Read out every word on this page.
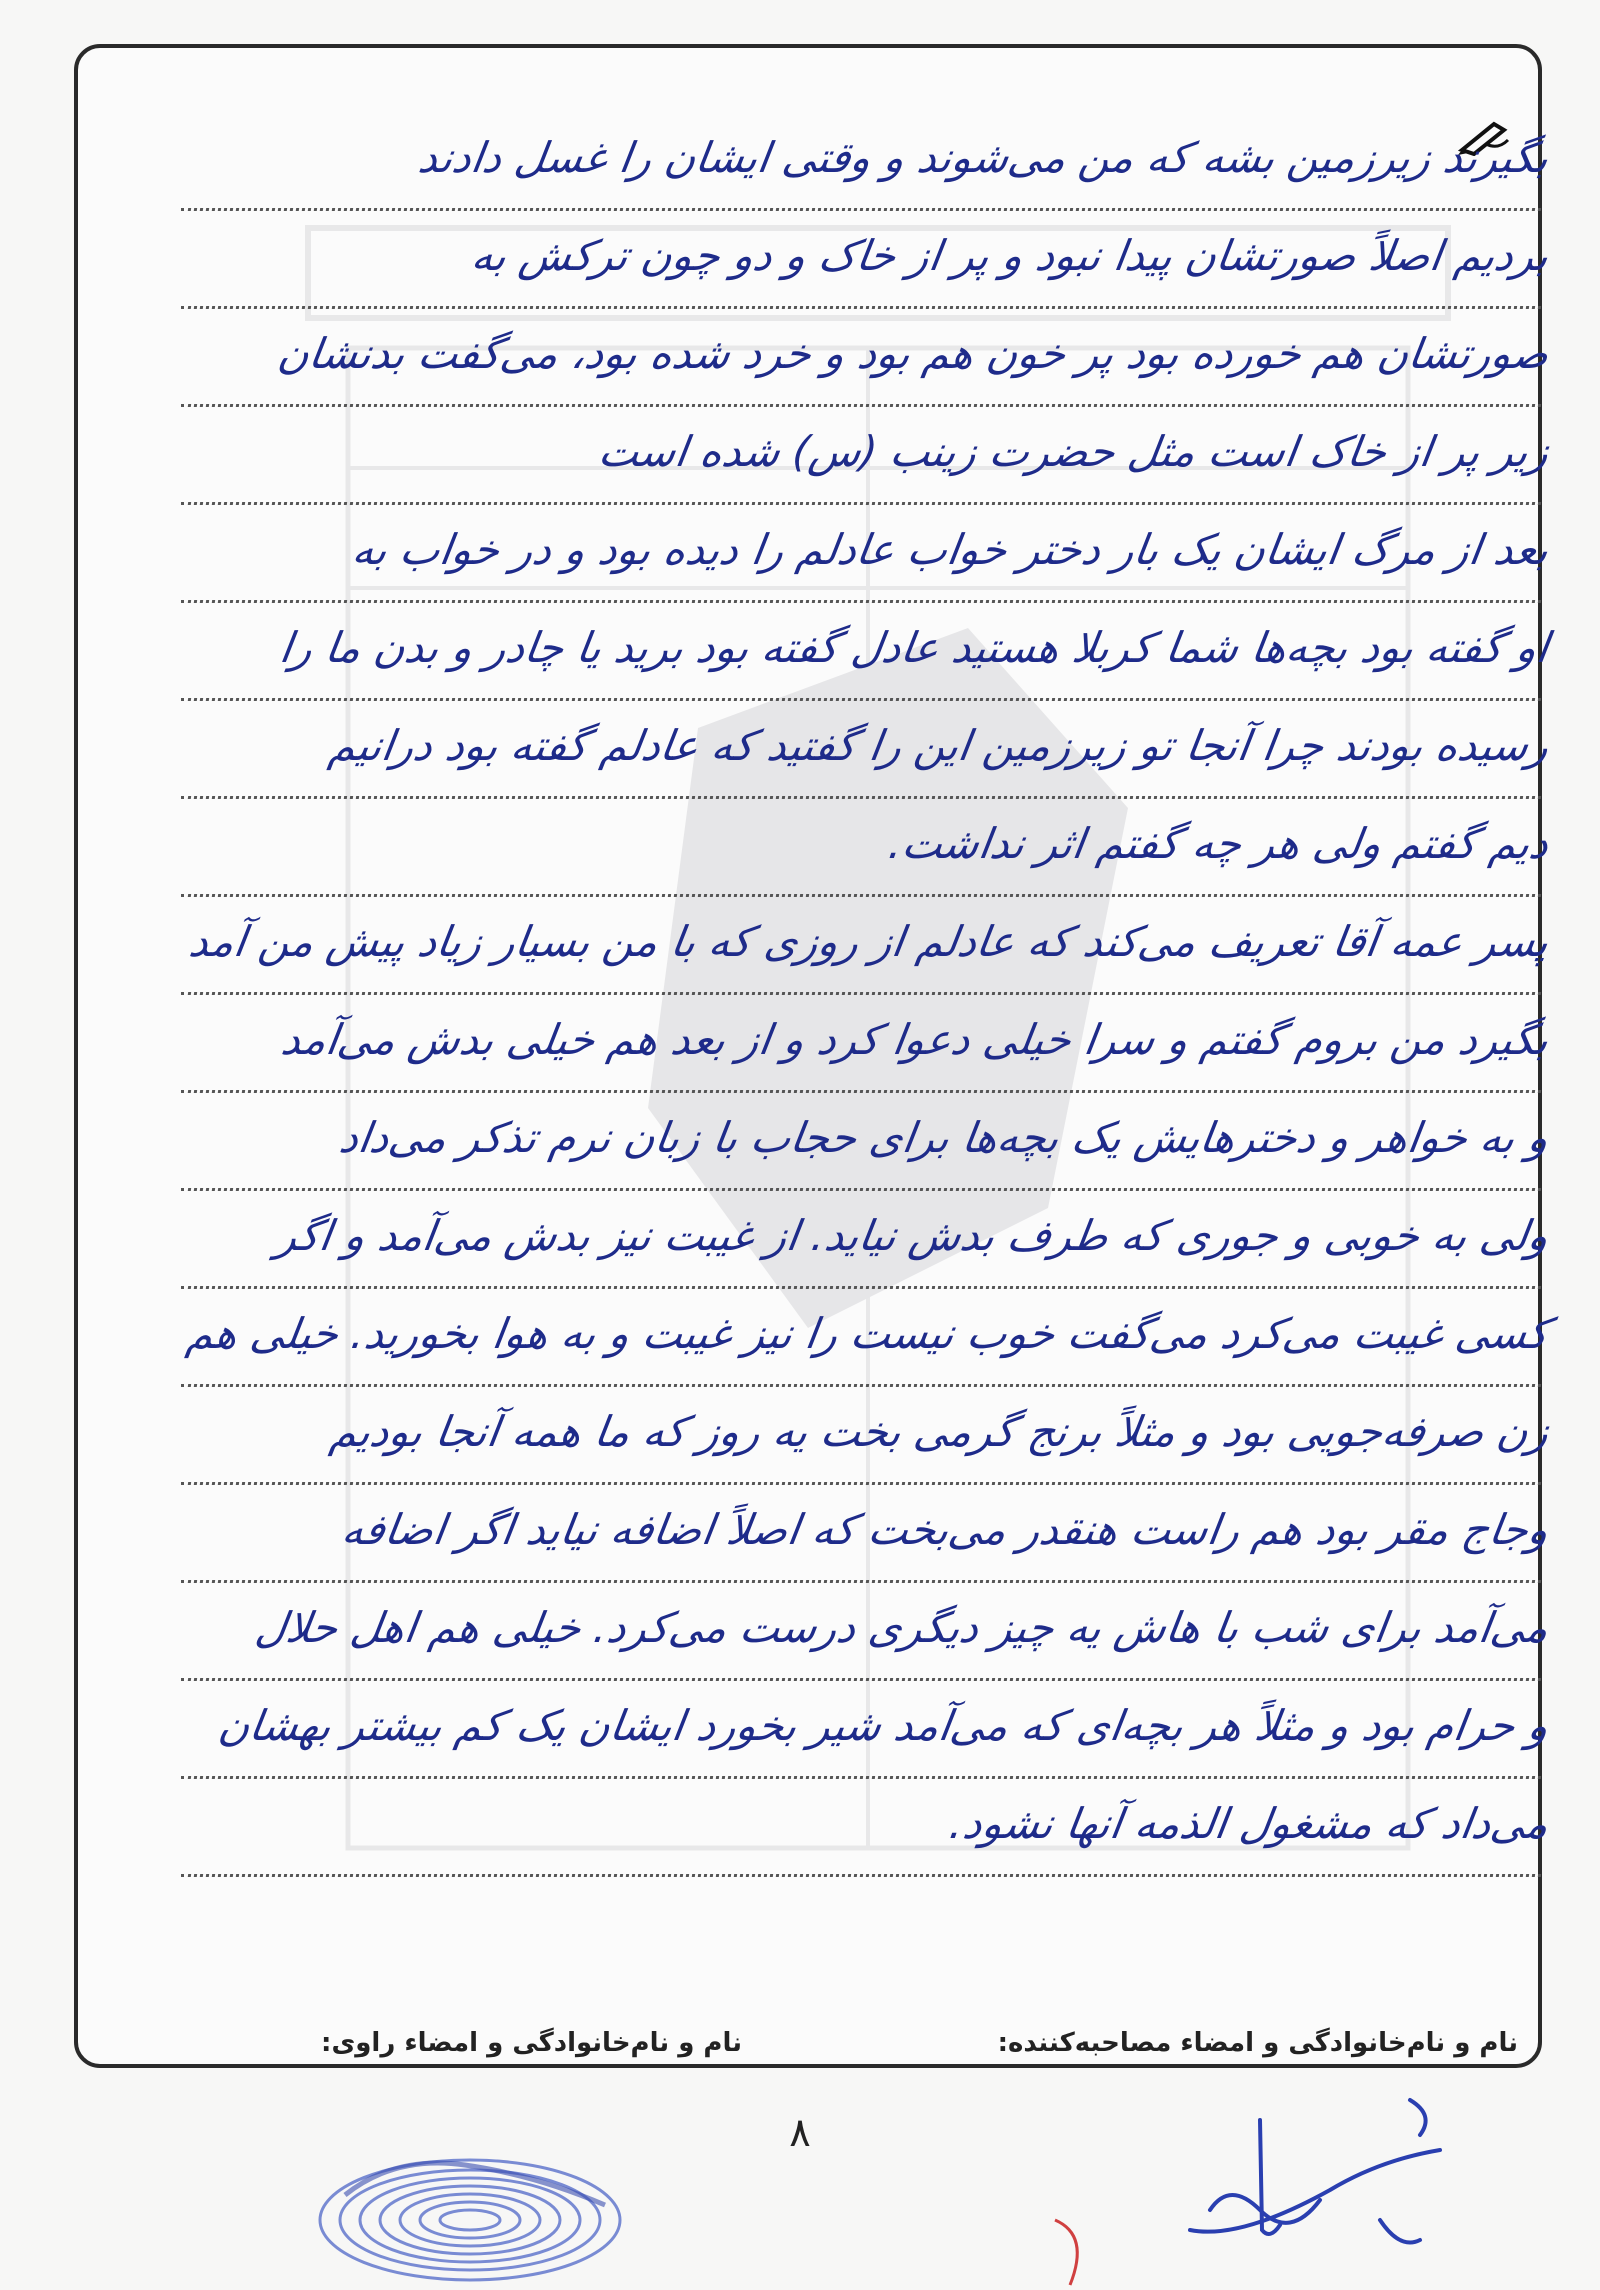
بگیرند زیرزمین بشه که من می‌شوند و وقتی ایشان را غسل دادند
بردیم اصلاً صورتشان پیدا نبود و پر از خاک و دو چون ترکش به
صورتشان هم خورده بود پر خون هم بود و خرد شده بود، می‌گفت بدنشان
زیر پر از خاک است مثل حضرت زینب (س) شده است
بعد از مرگ ایشان یک بار دختر خواب عادلم را دیده بود و در خواب به
او گفته بود بچه‌ها شما کربلا هستید عادل گفته بود برید یا چادر و بدن ما را
رسیده بودند چرا آنجا تو زیرزمین این را گفتید که عادلم گفته بود درانیم
دیم گفتم ولی هر چه گفتم اثر نداشت.
پسر عمه آقا تعریف می‌کند که عادلم از روزی که با من بسیار زیاد پیش من آمد
بگیرد من بروم گفتم و سرا خیلی دعوا کرد و از بعد هم خیلی بدش می‌آمد
و به خواهر و دخترهایش یک بچه‌ها برای حجاب با زبان نرم تذکر می‌داد
ولی به خوبی و جوری که طرف بدش نیاید. از غیبت نیز بدش می‌آمد و اگر
کسی غیبت می‌کرد می‌گفت خوب نیست را نیز غیبت و به هوا بخورید. خیلی هم
زن صرفه‌جویی بود و مثلاً برنج گرمی بخت یه روز که ما همه آنجا بودیم
وجاج مقر بود هم راست هنقدر می‌بخت که اصلاً اضافه نیاید اگر اضافه
می‌آمد برای شب با هاش یه چیز دیگری درست می‌کرد. خیلی هم اهل حلال
و حرام بود و مثلاً هر بچه‌ای که می‌آمد شیر بخورد ایشان یک کم بیشتر بهشان
می‌داد که مشغول الذمه آنها نشود.
نام و نام‌خانوادگی و امضاء مصاحبه‌کننده:
نام و نام‌خانوادگی و امضاء راوی:
۸
